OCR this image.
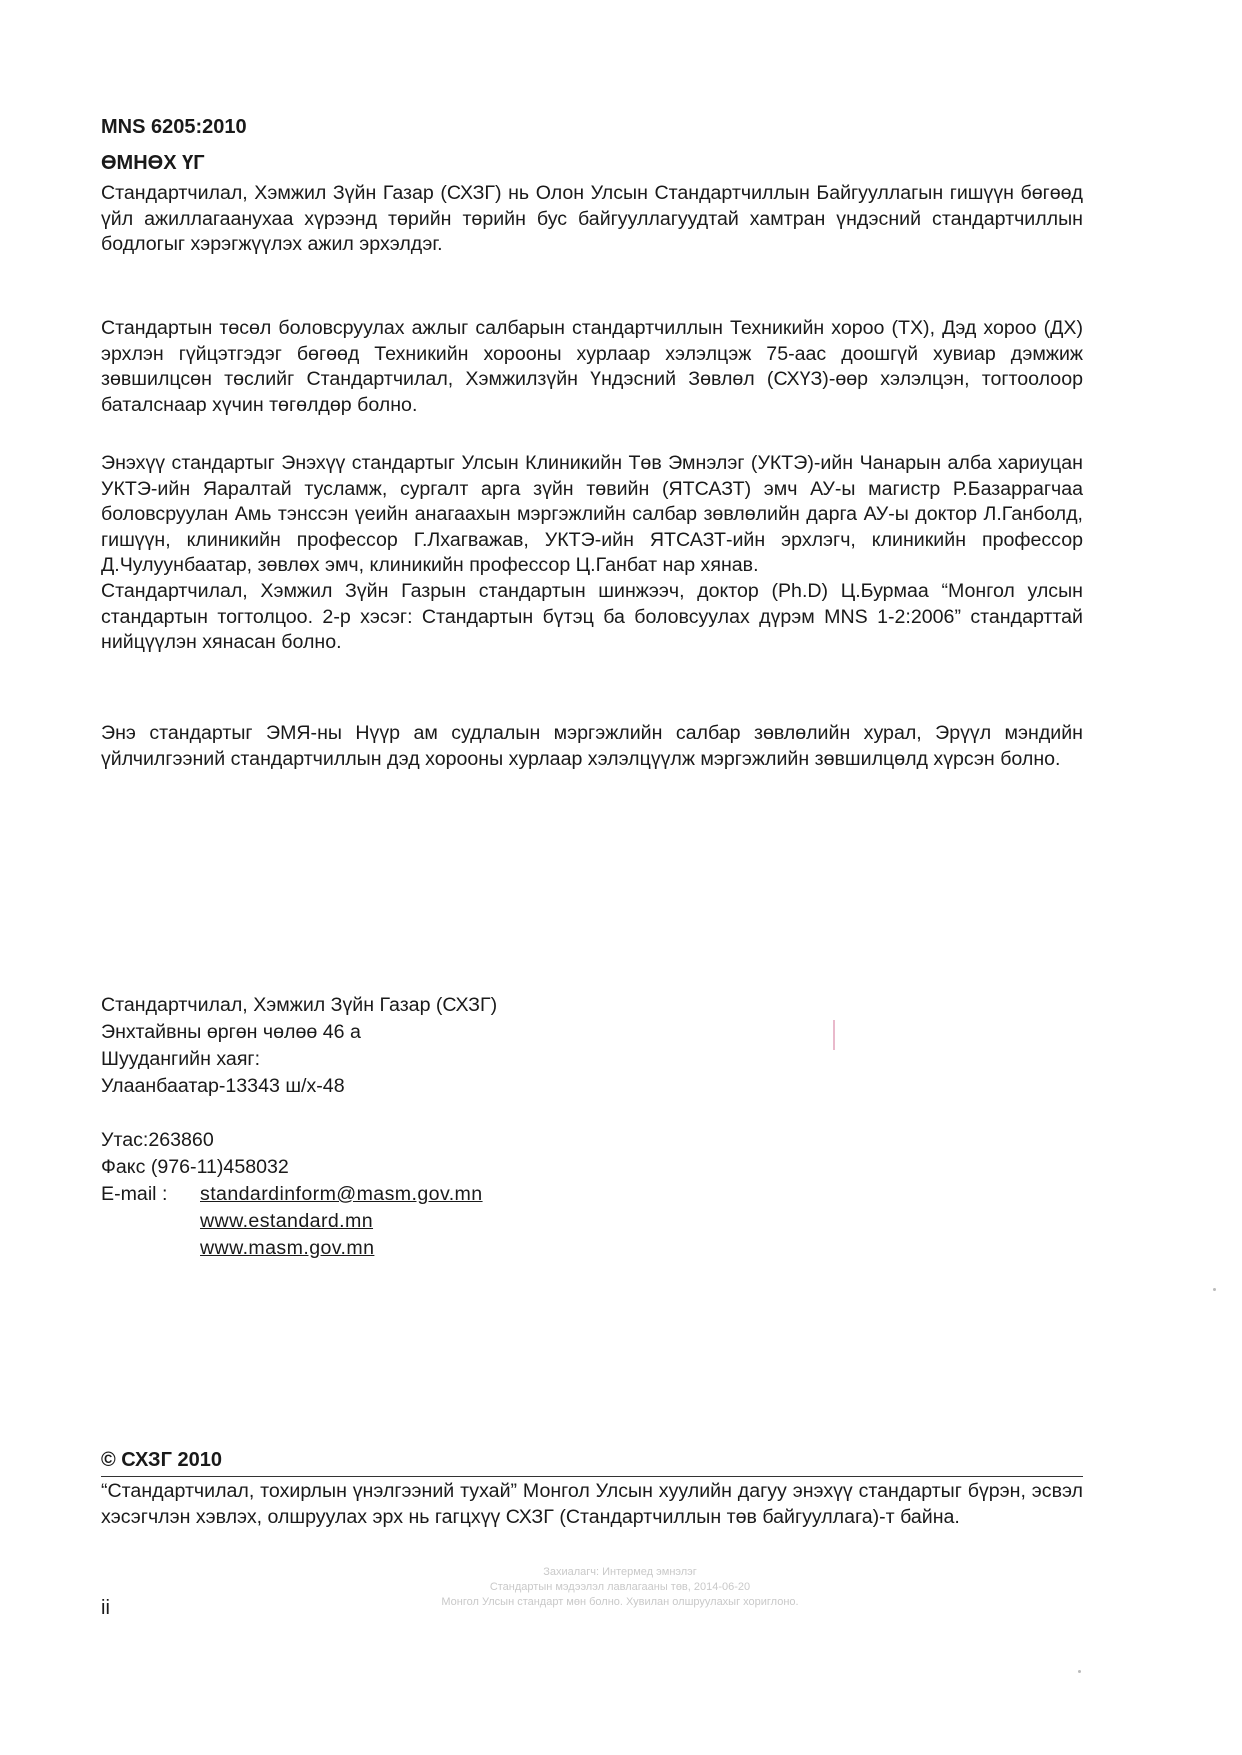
MNS 6205:2010
ӨМНӨХ ҮГ

Стандартчилал, Хэмжил Зүйн Газар (СХЗГ) нь Олон Улсын Стандартчиллын Байгууллагын гишүүн бөгөөд үйл ажиллагаанyхаа хүрээнд төрийн төрийн бус байгууллагуудтай хамтран үндэсний стандартчиллын бодлогыг хэрэгжүүлэх ажил эрхэлдэг.

Стандартын төсөл боловсруулах ажлыг салбарын стандартчиллын Техникийн хороо (ТХ), Дэд хороо (ДХ) эрхлэн гүйцэтгэдэг бөгөөд Техникийн хорооны хурлаар хэлэлцэж 75-аас доошгүй хувиар дэмжиж зөвшилцсөн төслийг Стандартчилал, Хэмжилзүйн Үндэсний Зөвлөл (СХҮЗ)-өөр хэлэлцэн, тогтоолоор баталснаар хүчин төгөлдөр болно.

Энэхүү стандартыг Энэхүү стандартыг Улсын Клиникийн Төв Эмнэлэг (УКТЭ)-ийн Чанарын алба хариуцан УКТЭ-ийн Яаралтай тусламж, сургалт арга зүйн төвийн (ЯТСАЗТ) эмч АУ-ы магистр Р.Базаррагчаа боловсруулан Амь тэнссэн үеийн анагаахын мэргэжлийн салбар зөвлөлийн дарга АУ-ы доктор Л.Ганболд, гишүүн, клиникийн профессор Г.Лхагважав, УКТЭ-ийн ЯТСАЗТ-ийн эрхлэгч, клиникийн профессор Д.Чулуунбаатар, зөвлөх эмч, клиникийн профессор Ц.Ганбат нар хянав.

Стандартчилал, Хэмжил Зүйн Газрын стандартын шинжээч, доктор (Ph.D) Ц.Бурмаа “Монгол улсын стандартын тогтолцоо. 2-р хэсэг: Стандартын бүтэц ба боловсуулах дүрэм MNS 1-2:2006” стандарттай нийцүүлэн хянасан болно.

Энэ стандартыг ЭМЯ-ны Нүүр ам судлалын мэргэжлийн салбар зөвлөлийн хурал, Эрүүл мэндийн үйлчилгээний стандартчиллын дэд хорооны хурлаар хэлэлцүүлж мэргэжлийн зөвшилцөлд хүрсэн болно.

Стандартчилал, Хэмжил Зүйн Газар (СХЗГ)
Энхтайвны өргөн чөлөө 46 а
Шуудангийн хаяг:
Улаанбаатар-13343 ш/х-48
Утас:263860
Факс (976-11)458032
E-mail :	standardinform@masm.gov.mn
www.estandard.mn
www.masm.gov.mn
© СХЗГ 2010

“Стандартчилал, тохирлын үнэлгээний тухай” Монгол Улсын хуулийн дагуу энэхүү стандартыг бүрэн, эсвэл хэсэгчлэн хэвлэх, олшруулах эрх нь гагцхүү СХЗГ (Стандартчиллын төв байгууллага)-т байна.

Захиалагч: Интермед эмнэлэг
Стандартын мэдээлэл лавлагааны төв, 2014-06-20
Монгол Улсын стандарт мөн болно. Хувилан олшруулахыг хориглоно.
ii
